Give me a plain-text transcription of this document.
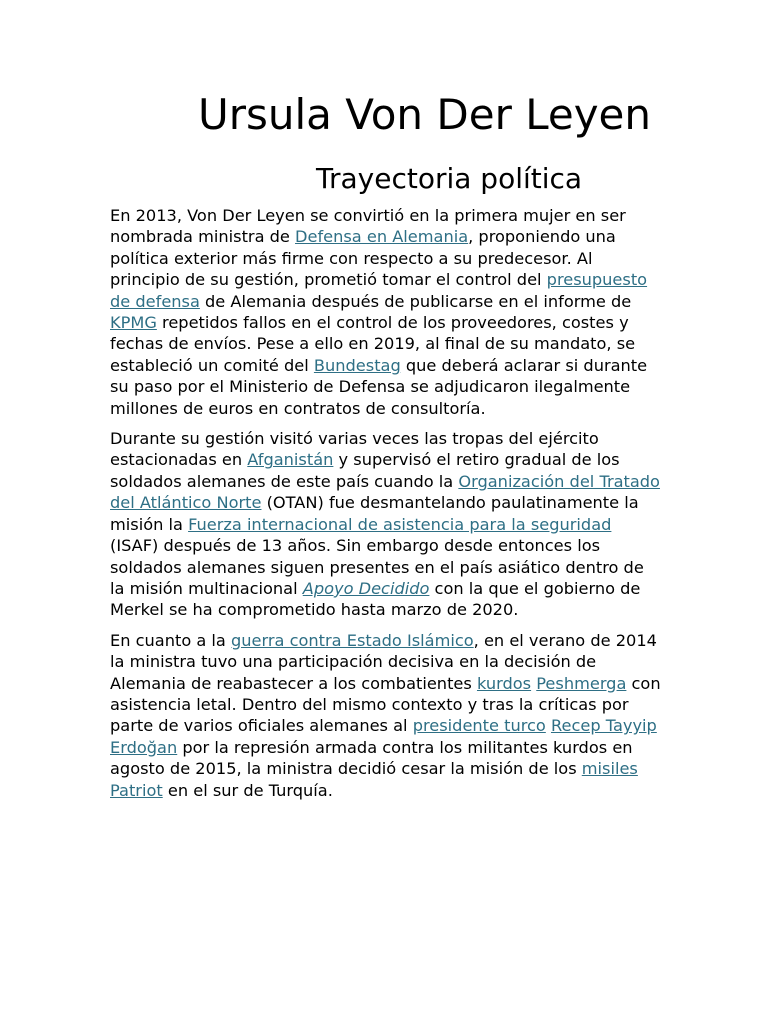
Ursula Von Der Leyen
Trayectoria política

En 2013, Von Der Leyen se convirtió en la primera mujer en ser nombrada ministra de Defensa en Alemania, proponiendo una política exterior más firme con respecto a su predecesor. Al principio de su gestión, prometió tomar el control del presupuesto de defensa de Alemania después de publicarse en el informe de KPMG repetidos fallos en el control de los proveedores, costes y fechas de envíos. Pese a ello en 2019, al final de su mandato, se estableció un comité del Bundestag que deberá aclarar si durante su paso por el Ministerio de Defensa se adjudicaron ilegalmente millones de euros en contratos de consultoría.

Durante su gestión visitó varias veces las tropas del ejército estacionadas en Afganistán y supervisó el retiro gradual de los soldados alemanes de este país cuando la Organización del Tratado del Atlántico Norte (OTAN) fue desmantelando paulatinamente la misión la Fuerza internacional de asistencia para la seguridad (ISAF) después de 13 años. Sin embargo desde entonces los soldados alemanes siguen presentes en el país asiático dentro de la misión multinacional Apoyo Decidido con la que el gobierno de Merkel se ha comprometido hasta marzo de 2020.

En cuanto a la guerra contra Estado Islámico, en el verano de 2014 la ministra tuvo una participación decisiva en la decisión de Alemania de reabastecer a los combatientes kurdos Peshmerga con asistencia letal. Dentro del mismo contexto y tras la críticas por parte de varios oficiales alemanes al presidente turco Recep Tayyip Erdoğan por la represión armada contra los militantes kurdos en agosto de 2015, la ministra decidió cesar la misión de los misiles Patriot en el sur de Turquía.
